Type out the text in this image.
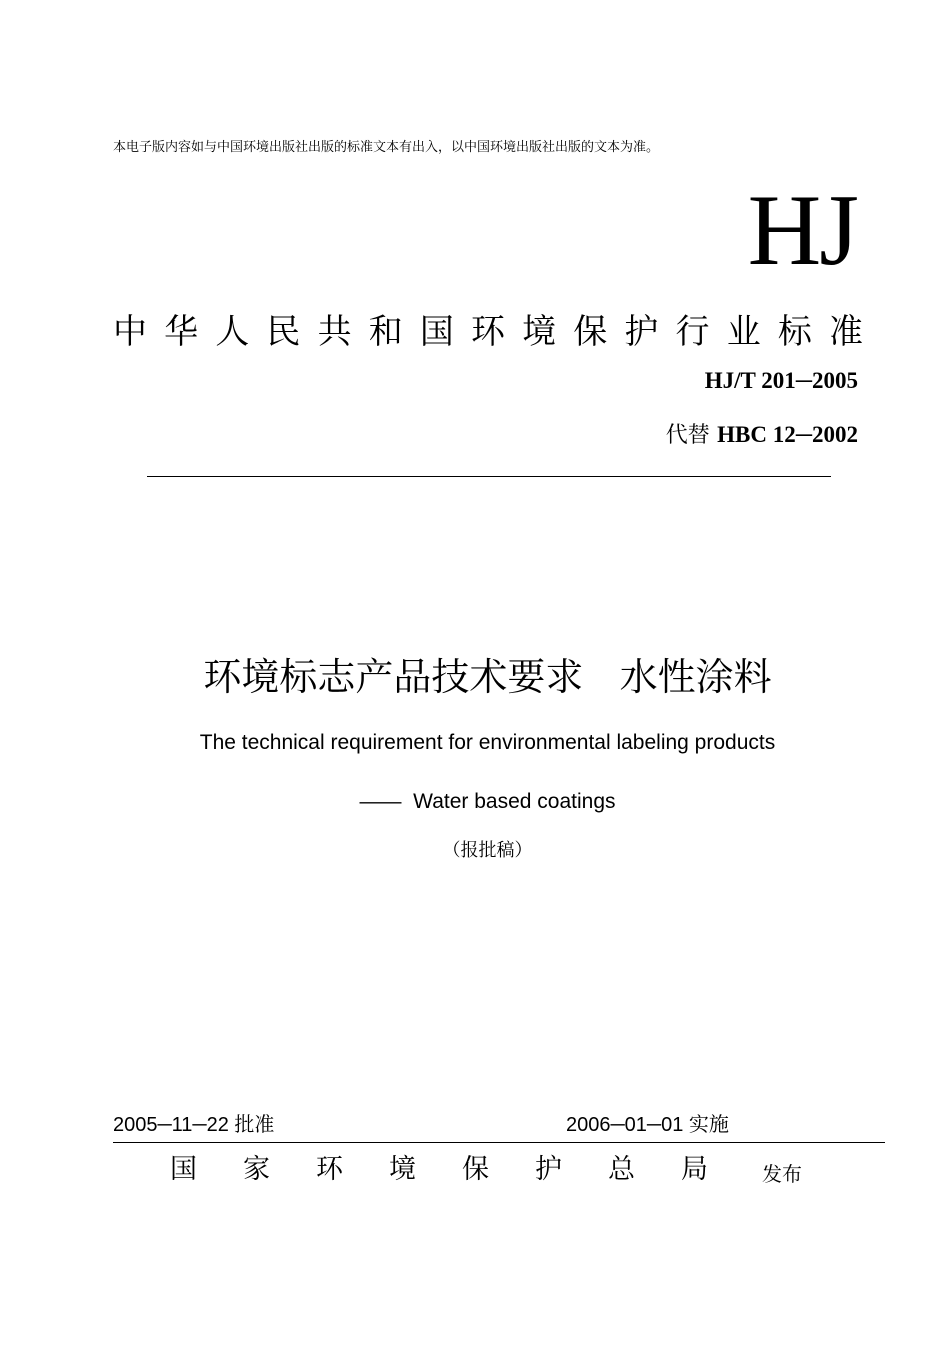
本电子版内容如与中国环境出版社出版的标准文本有出入，以中国环境出版社出版的文本为准。
HJ
中 华 人 民 共 和 国 环 境 保 护 行 业 标 准
HJ/T 201─2005
代替 HBC 12─2002
环境标志产品技术要求   水性涂料
The technical requirement for environmental labeling products
——  Water based coatings
（报批稿）
2005─11─22 批准	2006─01─01 实施
国 家 环 境 保 护 总 局	发布
